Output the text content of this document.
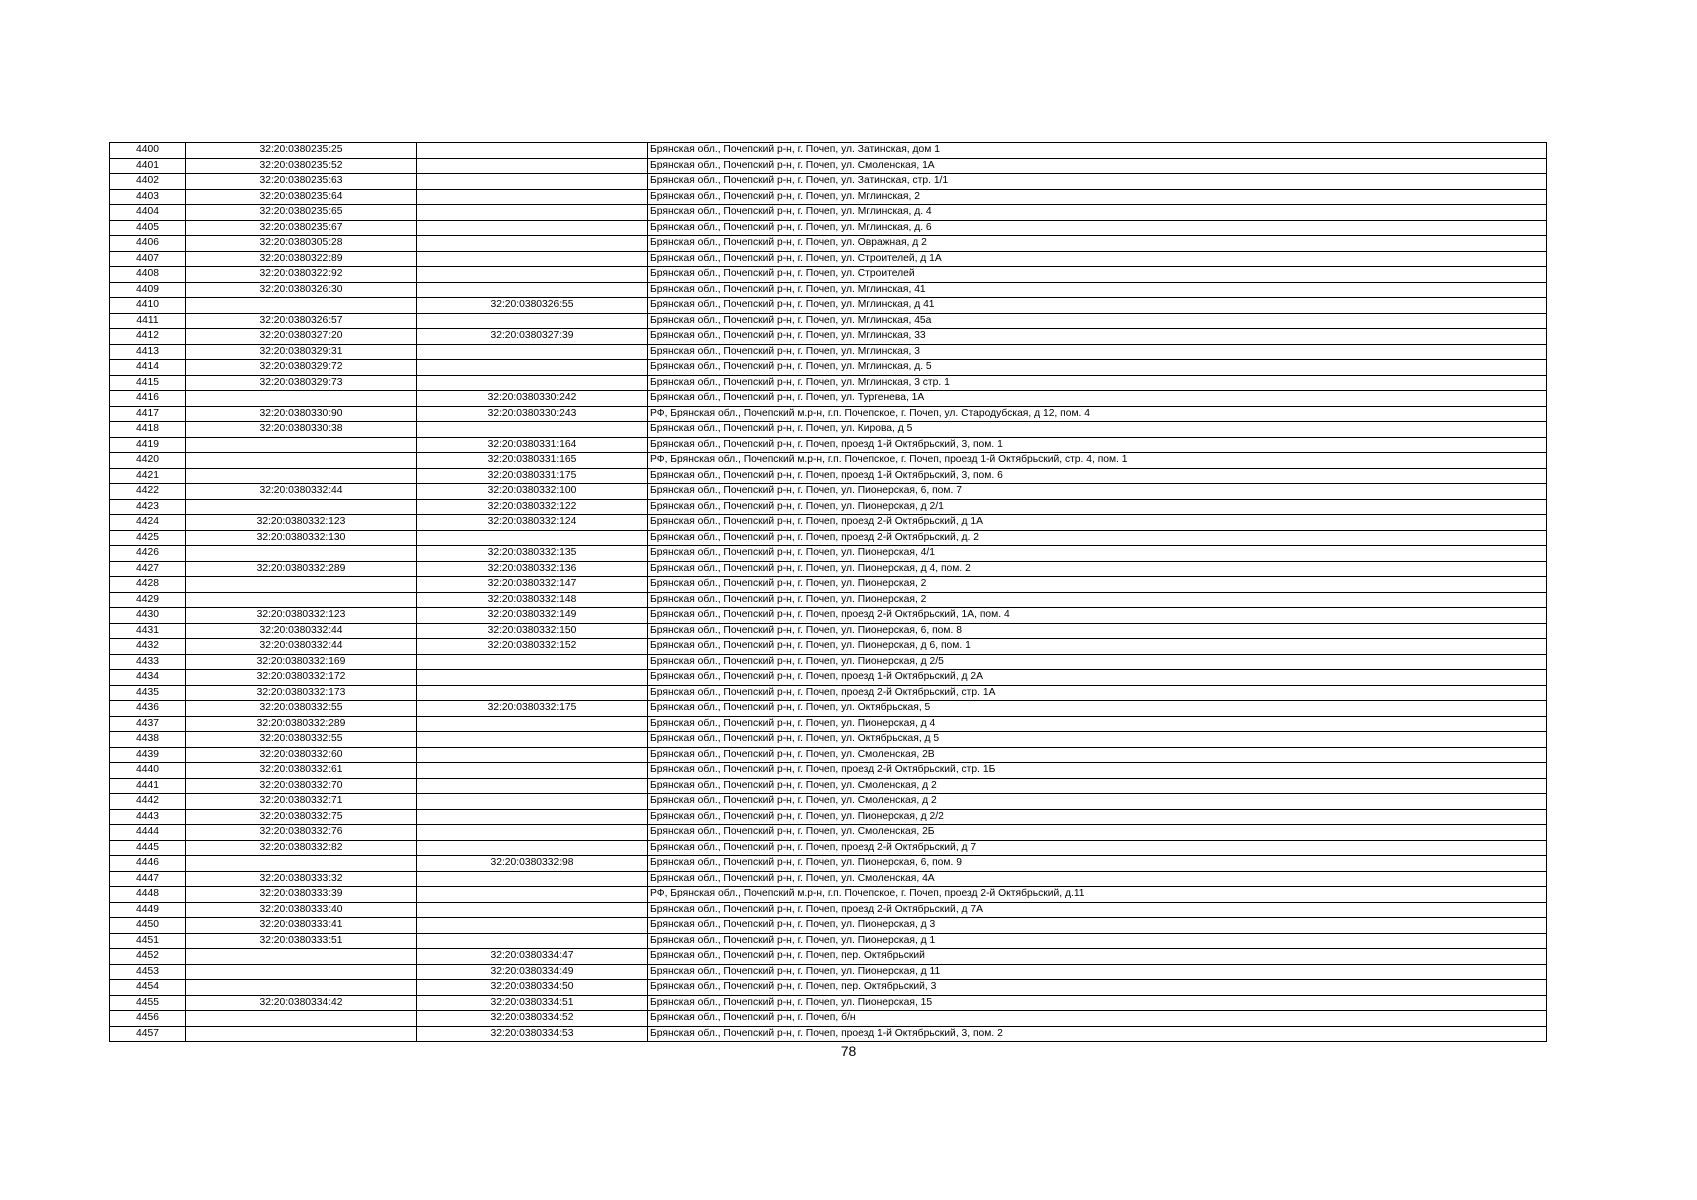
4400	32:20:0380235:25		Брянская обл., Почепский р-н, г. Почеп, ул. Затинская, дом 1
4401	32:20:0380235:52		Брянская обл., Почепский р-н, г. Почеп, ул. Смоленская, 1А
4402	32:20:0380235:63		Брянская обл., Почепский р-н, г. Почеп, ул. Затинская, стр. 1/1
4403	32:20:0380235:64		Брянская обл., Почепский р-н, г. Почеп, ул. Мглинская, 2
4404	32:20:0380235:65		Брянская обл., Почепский р-н, г. Почеп, ул. Мглинская, д. 4
4405	32:20:0380235:67		Брянская обл., Почепский р-н, г. Почеп, ул. Мглинская, д. 6
4406	32:20:0380305:28		Брянская обл., Почепский р-н, г. Почеп, ул. Овражная, д 2
4407	32:20:0380322:89		Брянская обл., Почепский р-н, г. Почеп, ул. Строителей, д 1А
4408	32:20:0380322:92		Брянская обл., Почепский р-н, г. Почеп, ул. Строителей
4409	32:20:0380326:30		Брянская обл., Почепский р-н, г. Почеп, ул. Мглинская, 41
4410		32:20:0380326:55	Брянская обл., Почепский р-н, г. Почеп, ул. Мглинская, д 41
4411	32:20:0380326:57		Брянская обл., Почепский р-н, г. Почеп, ул. Мглинская, 45а
4412	32:20:0380327:20	32:20:0380327:39	Брянская обл., Почепский р-н, г. Почеп, ул. Мглинская, 33
4413	32:20:0380329:31		Брянская обл., Почепский р-н, г. Почеп, ул. Мглинская, 3
4414	32:20:0380329:72		Брянская обл., Почепский р-н, г. Почеп, ул. Мглинская, д. 5
4415	32:20:0380329:73		Брянская обл., Почепский р-н, г. Почеп, ул. Мглинская, 3 стр. 1
4416		32:20:0380330:242	Брянская обл., Почепский р-н, г. Почеп, ул. Тургенева, 1А
4417	32:20:0380330:90	32:20:0380330:243	РФ, Брянская обл., Почепский м.р-н, г.п. Почепское, г. Почеп, ул. Стародубская, д 12, пом. 4
4418	32:20:0380330:38		Брянская обл., Почепский р-н, г. Почеп, ул. Кирова, д 5
4419		32:20:0380331:164	Брянская обл., Почепский р-н, г. Почеп, проезд 1-й Октябрьский, 3, пом. 1
4420		32:20:0380331:165	РФ, Брянская обл., Почепский м.р-н, г.п. Почепское, г. Почеп, проезд 1-й Октябрьский, стр. 4, пом. 1
4421		32:20:0380331:175	Брянская обл., Почепский р-н, г. Почеп, проезд 1-й Октябрьский, 3, пом. 6
4422	32:20:0380332:44	32:20:0380332:100	Брянская обл., Почепский р-н, г. Почеп, ул. Пионерская, 6, пом. 7
4423		32:20:0380332:122	Брянская обл., Почепский р-н, г. Почеп, ул. Пионерская, д 2/1
4424	32:20:0380332:123	32:20:0380332:124	Брянская обл., Почепский р-н, г. Почеп, проезд 2-й Октябрьский, д 1А
4425	32:20:0380332:130		Брянская обл., Почепский р-н, г. Почеп, проезд 2-й Октябрьский, д. 2
4426		32:20:0380332:135	Брянская обл., Почепский р-н, г. Почеп, ул. Пионерская, 4/1
4427	32:20:0380332:289	32:20:0380332:136	Брянская обл., Почепский р-н, г. Почеп, ул. Пионерская, д 4, пом. 2
4428		32:20:0380332:147	Брянская обл., Почепский р-н, г. Почеп, ул. Пионерская, 2
4429		32:20:0380332:148	Брянская обл., Почепский р-н, г. Почеп, ул. Пионерская, 2
4430	32:20:0380332:123	32:20:0380332:149	Брянская обл., Почепский р-н, г. Почеп, проезд 2-й Октябрьский, 1А, пом. 4
4431	32:20:0380332:44	32:20:0380332:150	Брянская обл., Почепский р-н, г. Почеп, ул. Пионерская, 6, пом. 8
4432	32:20:0380332:44	32:20:0380332:152	Брянская обл., Почепский р-н, г. Почеп, ул. Пионерская, д 6, пом. 1
4433	32:20:0380332:169		Брянская обл., Почепский р-н, г. Почеп, ул. Пионерская, д 2/5
4434	32:20:0380332:172		Брянская обл., Почепский р-н, г. Почеп, проезд 1-й Октябрьский, д 2А
4435	32:20:0380332:173		Брянская обл., Почепский р-н, г. Почеп, проезд 2-й Октябрьский, стр. 1А
4436	32:20:0380332:55	32:20:0380332:175	Брянская обл., Почепский р-н, г. Почеп, ул. Октябрьская, 5
4437	32:20:0380332:289		Брянская обл., Почепский р-н, г. Почеп, ул. Пионерская, д 4
4438	32:20:0380332:55		Брянская обл., Почепский р-н, г. Почеп, ул. Октябрьская, д 5
4439	32:20:0380332:60		Брянская обл., Почепский р-н, г. Почеп, ул. Смоленская, 2В
4440	32:20:0380332:61		Брянская обл., Почепский р-н, г. Почеп, проезд 2-й Октябрьский, стр. 1Б
4441	32:20:0380332:70		Брянская обл., Почепский р-н, г. Почеп, ул. Смоленская, д 2
4442	32:20:0380332:71		Брянская обл., Почепский р-н, г. Почеп, ул. Смоленская, д 2
4443	32:20:0380332:75		Брянская обл., Почепский р-н, г. Почеп, ул. Пионерская, д 2/2
4444	32:20:0380332:76		Брянская обл., Почепский р-н, г. Почеп, ул. Смоленская, 2Б
4445	32:20:0380332:82		Брянская обл., Почепский р-н, г. Почеп, проезд 2-й Октябрьский, д 7
4446		32:20:0380332:98	Брянская обл., Почепский р-н, г. Почеп, ул. Пионерская, 6, пом. 9
4447	32:20:0380333:32		Брянская обл., Почепский р-н, г. Почеп, ул. Смоленская, 4А
4448	32:20:0380333:39		РФ, Брянская обл., Почепский м.р-н, г.п. Почепское, г. Почеп, проезд 2-й Октябрьский, д.11
4449	32:20:0380333:40		Брянская обл., Почепский р-н, г. Почеп, проезд 2-й Октябрьский, д 7А
4450	32:20:0380333:41		Брянская обл., Почепский р-н, г. Почеп, ул. Пионерская, д 3
4451	32:20:0380333:51		Брянская обл., Почепский р-н, г. Почеп, ул. Пионерская, д 1
4452		32:20:0380334:47	Брянская обл., Почепский р-н, г. Почеп, пер. Октябрьский
4453		32:20:0380334:49	Брянская обл., Почепский р-н, г. Почеп, ул. Пионерская, д 11
4454		32:20:0380334:50	Брянская обл., Почепский р-н, г. Почеп, пер. Октябрьский, 3
4455	32:20:0380334:42	32:20:0380334:51	Брянская обл., Почепский р-н, г. Почеп, ул. Пионерская, 15
4456		32:20:0380334:52	Брянская обл., Почепский р-н, г. Почеп, б/н
4457		32:20:0380334:53	Брянская обл., Почепский р-н, г. Почеп, проезд 1-й Октябрьский, 3, пом. 2
78
